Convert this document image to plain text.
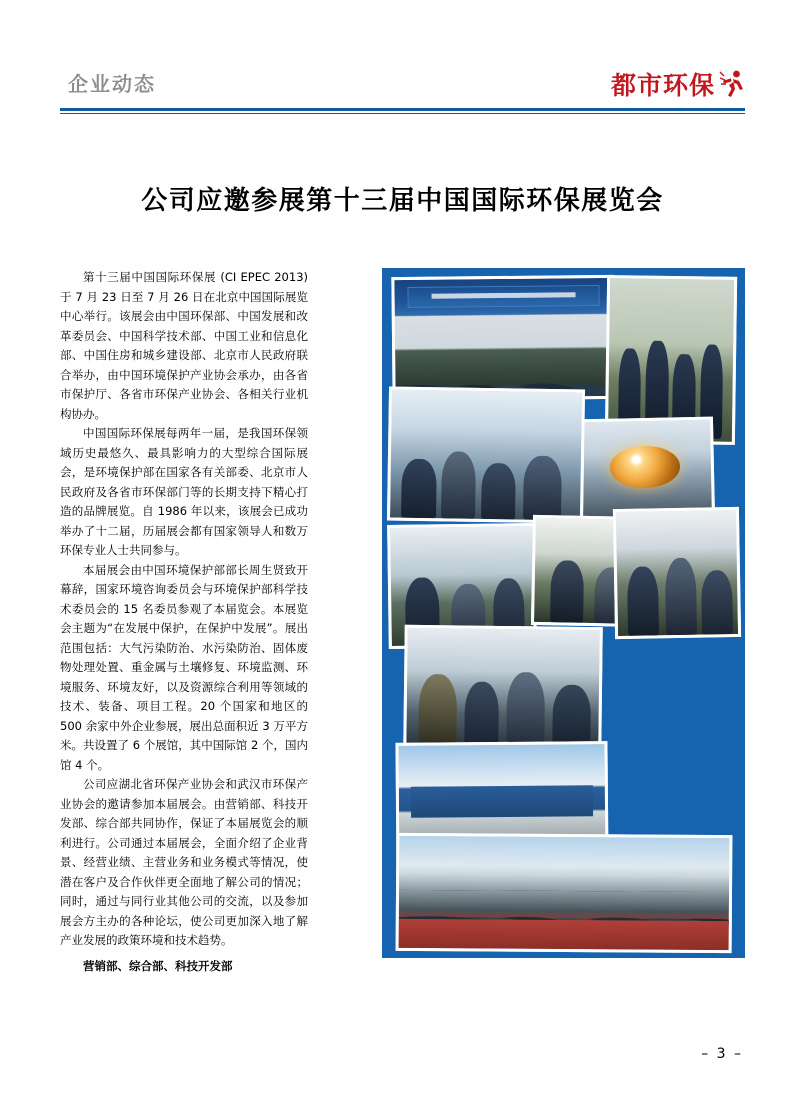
企业动态	都市环保
公司应邀参展第十三届中国国际环保展览会

第十三届中国国际环保展 (CI EPEC 2013) 于 7 月 23 日至 7 月 26 日在北京中国国际展览中心举行。该展会由中国环保部、中国发展和改革委员会、中国科学技术部、中国工业和信息化部、中国住房和城乡建设部、北京市人民政府联合举办，由中国环境保护产业协会承办，由各省市保护厅、各省市环保产业协会、各相关行业机构协办。

中国国际环保展每两年一届，是我国环保领域历史最悠久、最具影响力的大型综合国际展会，是环境保护部在国家各有关部委、北京市人民政府及各省市环保部门等的长期支持下精心打造的品牌展览。自 1986 年以来，该展会已成功举办了十二届，历届展会都有国家领导人和数万环保专业人士共同参与。

本届展会由中国环境保护部部长周生贤致开幕辞，国家环境咨询委员会与环境保护部科学技术委员会的 15 名委员参观了本届览会。本展览会主题为“在发展中保护，在保护中发展”。展出范围包括：大气污染防治、水污染防治、固体废物处理处置、重金属与土壤修复、环境监测、环境服务、环境友好，以及资源综合利用等领域的技术、装备、项目工程。20 个国家和地区的 500 余家中外企业参展，展出总面积近 3 万平方米。共设置了 6 个展馆，其中国际馆 2 个，国内馆 4 个。

公司应湖北省环保产业协会和武汉市环保产业协会的邀请参加本届展会。由营销部、科技开发部、综合部共同协作，保证了本届展览会的顺利进行。公司通过本届展会，全面介绍了企业背景、经营业绩、主营业务和业务模式等情况，使潜在客户及合作伙伴更全面地了解公司的情况；同时，通过与同行业其他公司的交流，以及参加展会方主办的各种论坛，使公司更加深入地了解产业发展的政策环境和技术趋势。

营销部、综合部、科技开发部
– 3 –
